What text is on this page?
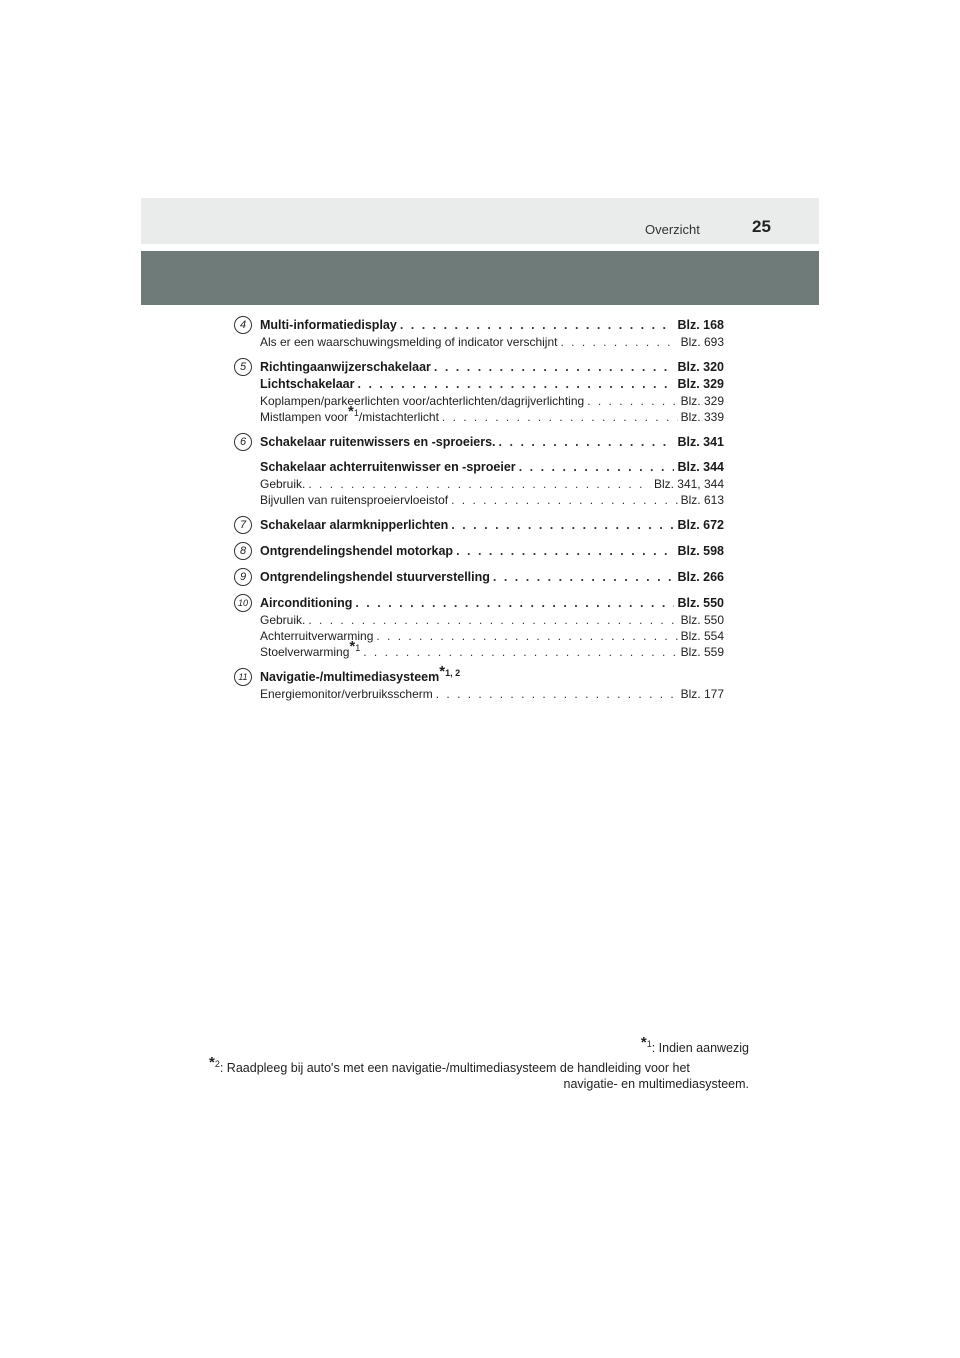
Overzicht	25
4	Multi-informatiedisplay . . .	Blz. 168
Als er een waarschuwingsmelding of indicator verschijnt . . .	Blz. 693
5	Richtingaanwijzerschakelaar . . .	Blz. 320
Lichtschakelaar . . .	Blz. 329
Koplampen/parkeerlichten voor/achterlichten/dagrijverlichting . . .	Blz. 329
Mistlampen voor*$^1$/mistachterlicht . . .	Blz. 339
6	Schakelaar ruitenwissers en -sproeiers. . . .	Blz. 341
Schakelaar achterruitenwisser en -sproeier . . .	Blz. 344
Gebruik. . . .	Blz. 341, 344
Bijvullen van ruitensproeiervloeistof . . .	Blz. 613
7	Schakelaar alarmknipperlichten . . .	Blz. 672
8	Ontgrendelingshendel motorkap . . .	Blz. 598
9	Ontgrendelingshendel stuurverstelling . . .	Blz. 266
10 Airconditioning . . .	Blz. 550
Gebruik. . . .	Blz. 550
Achterruitverwarming . . .	Blz. 554
Stoelverwarming*$^1$ . . .	Blz. 559
11 Navigatie-/multimediasysteem*$^{1, 2}$
Energiemonitor/verbruiksscherm . . .	Blz. 177
*$^1$: Indien aanwezig
*$^2$: Raadpleeg bij auto's met een navigatie-/multimediasysteem de handleiding voor het
navigatie- en multimediasysteem.
